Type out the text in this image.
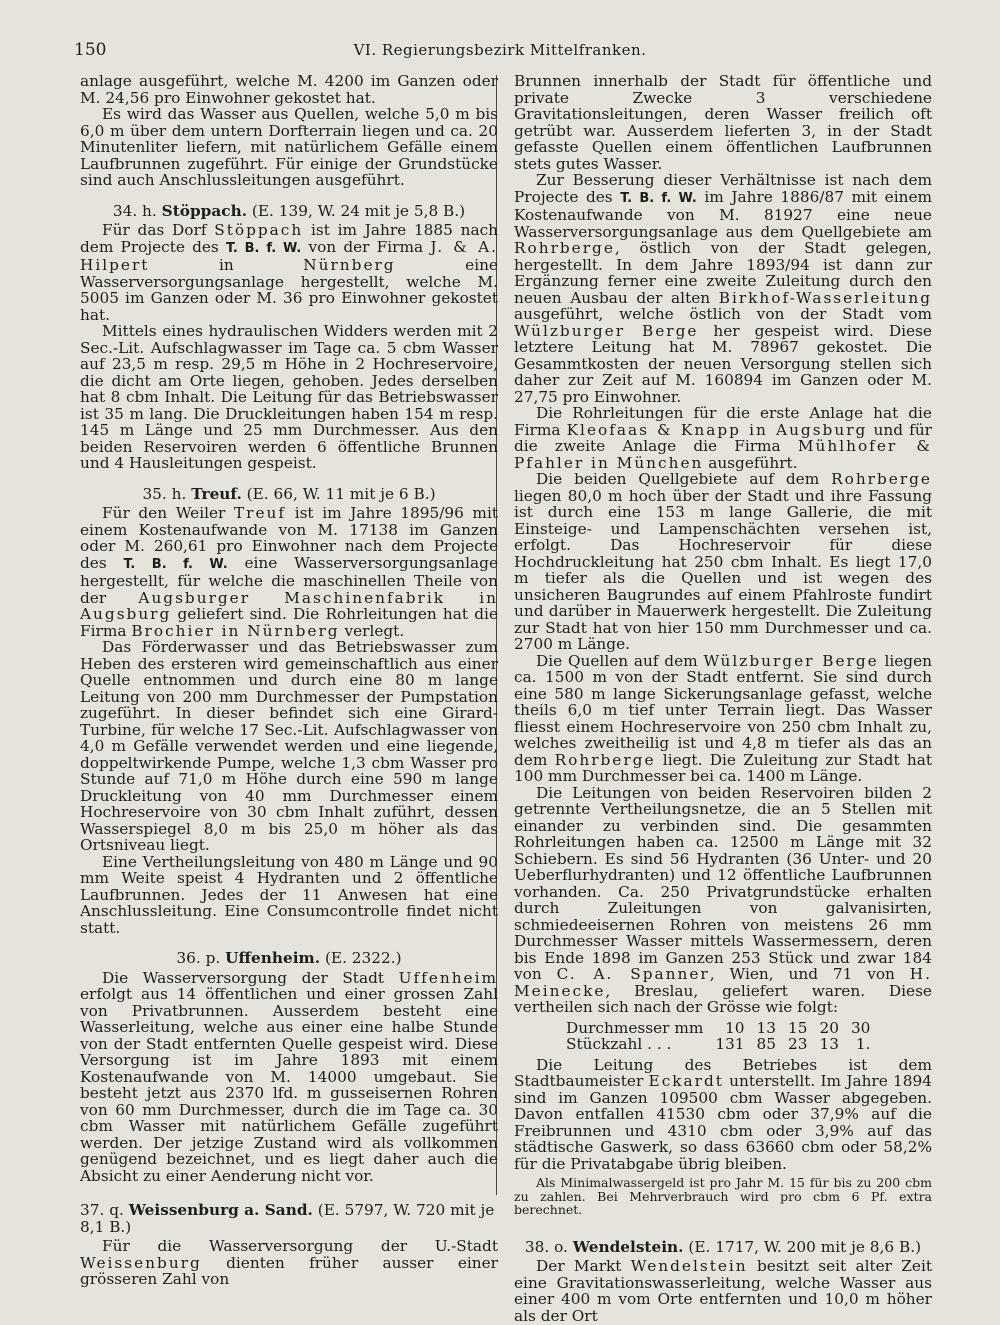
150	VI. Regierungsbezirk Mittelfranken.

anlage ausgeführt, welche M. 4200 im Ganzen oder M. 24,56 pro Einwohner gekostet hat.

Es wird das Wasser aus Quellen, welche 5,0 m bis 6,0 m über dem untern Dorfterrain liegen und ca. 20 Minutenliter liefern, mit natürlichem Gefälle einem Laufbrunnen zugeführt. Für einige der Grundstücke sind auch Anschlussleitungen ausgeführt.

34. h. Stöppach. (E. 139, W. 24 mit je 5,8 B.)

Für das Dorf Stöppach ist im Jahre 1885 nach dem Projecte des T. B. f. W. von der Firma J. & A. Hilpert in Nürnberg eine Wasserversorgungsanlage hergestellt, welche M. 5005 im Ganzen oder M. 36 pro Einwohner gekostet hat.

Mittels eines hydraulischen Widders werden mit 2 Sec.-Lit. Aufschlagwasser im Tage ca. 5 cbm Wasser auf 23,5 m resp. 29,5 m Höhe in 2 Hochreservoire, die dicht am Orte liegen, gehoben. Jedes derselben hat 8 cbm Inhalt. Die Leitung für das Betriebswasser ist 35 m lang. Die Druckleitungen haben 154 m resp. 145 m Länge und 25 mm Durchmesser. Aus den beiden Reservoiren werden 6 öffentliche Brunnen und 4 Hausleitungen gespeist.

35. h. Treuf. (E. 66, W. 11 mit je 6 B.)

Für den Weiler Treuf ist im Jahre 1895/96 mit einem Kostenaufwande von M. 17138 im Ganzen oder M. 260,61 pro Einwohner nach dem Projecte des T. B. f. W. eine Wasserversorgungsanlage hergestellt, für welche die maschinellen Theile von der Augsburger Maschinenfabrik in Augsburg geliefert sind. Die Rohrleitungen hat die Firma Brochier in Nürnberg verlegt.

Das Förderwasser und das Betriebswasser zum Heben des ersteren wird gemeinschaftlich aus einer Quelle entnommen und durch eine 80 m lange Leitung von 200 mm Durchmesser der Pumpstation zugeführt. In dieser befindet sich eine Girard-Turbine, für welche 17 Sec.-Lit. Aufschlagwasser von 4,0 m Gefälle verwendet werden und eine liegende, doppeltwirkende Pumpe, welche 1,3 cbm Wasser pro Stunde auf 71,0 m Höhe durch eine 590 m lange Druckleitung von 40 mm Durchmesser einem Hochreservoire von 30 cbm Inhalt zuführt, dessen Wasserspiegel 8,0 m bis 25,0 m höher als das Ortsniveau liegt.

Eine Vertheilungsleitung von 480 m Länge und 90 mm Weite speist 4 Hydranten und 2 öffentliche Laufbrunnen. Jedes der 11 Anwesen hat eine Anschlussleitung. Eine Consumcontrolle findet nicht statt.

36. p. Uffenheim. (E. 2322.)

Die Wasserversorgung der Stadt Uffenheim erfolgt aus 14 öffentlichen und einer grossen Zahl von Privatbrunnen. Ausserdem besteht eine Wasserleitung, welche aus einer eine halbe Stunde von der Stadt entfernten Quelle gespeist wird. Diese Versorgung ist im Jahre 1893 mit einem Kostenaufwande von M. 14000 umgebaut. Sie besteht jetzt aus 2370 lfd. m gusseisernen Rohren von 60 mm Durchmesser, durch die im Tage ca. 30 cbm Wasser mit natürlichem Gefälle zugeführt werden. Der jetzige Zustand wird als vollkommen genügend bezeichnet, und es liegt daher auch die Absicht zu einer Aenderung nicht vor.

37. q. Weissenburg a. Sand. (E. 5797, W. 720 mit je 8,1 B.)

Für die Wasserversorgung der U.-Stadt Weissenburg dienten früher ausser einer grösseren Zahl von

Brunnen innerhalb der Stadt für öffentliche und private Zwecke 3 verschiedene Gravitationsleitungen, deren Wasser freilich oft getrübt war. Ausserdem lieferten 3, in der Stadt gefasste Quellen einem öffentlichen Laufbrunnen stets gutes Wasser.

Zur Besserung dieser Verhältnisse ist nach dem Projecte des T. B. f. W. im Jahre 1886/87 mit einem Kostenaufwande von M. 81927 eine neue Wasserversorgungsanlage aus dem Quellgebiete am Rohrberge, östlich von der Stadt gelegen, hergestellt. In dem Jahre 1893/94 ist dann zur Ergänzung ferner eine zweite Zuleitung durch den neuen Ausbau der alten Birkhof-Wasserleitung ausgeführt, welche östlich von der Stadt vom Wülzburger Berge her gespeist wird. Diese letztere Leitung hat M. 78967 gekostet. Die Gesammtkosten der neuen Versorgung stellen sich daher zur Zeit auf M. 160894 im Ganzen oder M. 27,75 pro Einwohner.

Die Rohrleitungen für die erste Anlage hat die Firma Kleofaas & Knapp in Augsburg und für die zweite Anlage die Firma Mühlhofer & Pfahler in München ausgeführt.

Die beiden Quellgebiete auf dem Rohrberge liegen 80,0 m hoch über der Stadt und ihre Fassung ist durch eine 153 m lange Gallerie, die mit Einsteige- und Lampenschächten versehen ist, erfolgt. Das Hochreservoir für diese Hochdruckleitung hat 250 cbm Inhalt. Es liegt 17,0 m tiefer als die Quellen und ist wegen des unsicheren Baugrundes auf einem Pfahlroste fundirt und darüber in Mauerwerk hergestellt. Die Zuleitung zur Stadt hat von hier 150 mm Durchmesser und ca. 2700 m Länge.

Die Quellen auf dem Wülzburger Berge liegen ca. 1500 m von der Stadt entfernt. Sie sind durch eine 580 m lange Sickerungsanlage gefasst, welche theils 6,0 m tief unter Terrain liegt. Das Wasser fliesst einem Hochreservoire von 250 cbm Inhalt zu, welches zweitheilig ist und 4,8 m tiefer als das an dem Rohrberge liegt. Die Zuleitung zur Stadt hat 100 mm Durchmesser bei ca. 1400 m Länge.

Die Leitungen von beiden Reservoiren bilden 2 getrennte Vertheilungsnetze, die an 5 Stellen mit einander zu verbinden sind. Die gesammten Rohrleitungen haben ca. 12500 m Länge mit 32 Schiebern. Es sind 56 Hydranten (36 Unter- und 20 Ueberflurhydranten) und 12 öffentliche Laufbrunnen vorhanden. Ca. 250 Privatgrundstücke erhalten durch Zuleitungen von galvanisirten, schmiedeeisernen Rohren von meistens 26 mm Durchmesser Wasser mittels Wassermessern, deren bis Ende 1898 im Ganzen 253 Stück und zwar 184 von C. A. Spanner, Wien, und 71 von H. Meinecke, Breslau, geliefert waren. Diese vertheilen sich nach der Grösse wie folgt:

Durchmesser mm	10	13	15	20	30
Stückzahl . . .	131	85	23	13	1.

Die Leitung des Betriebes ist dem Stadtbaumeister Eckardt unterstellt. Im Jahre 1894 sind im Ganzen 109500 cbm Wasser abgegeben. Davon entfallen 41530 cbm oder 37,9% auf die Freibrunnen und 4310 cbm oder 3,9% auf das städtische Gaswerk, so dass 63660 cbm oder 58,2% für die Privatabgabe übrig bleiben.

Als Minimalwassergeld ist pro Jahr M. 15 für bis zu 200 cbm zu zahlen. Bei Mehrverbrauch wird pro cbm 6 Pf. extra berechnet.

38. o. Wendelstein. (E. 1717, W. 200 mit je 8,6 B.)

Der Markt Wendelstein besitzt seit alter Zeit eine Gravitationswasserleitung, welche Wasser aus einer 400 m vom Orte entfernten und 10,0 m höher als der Ort
